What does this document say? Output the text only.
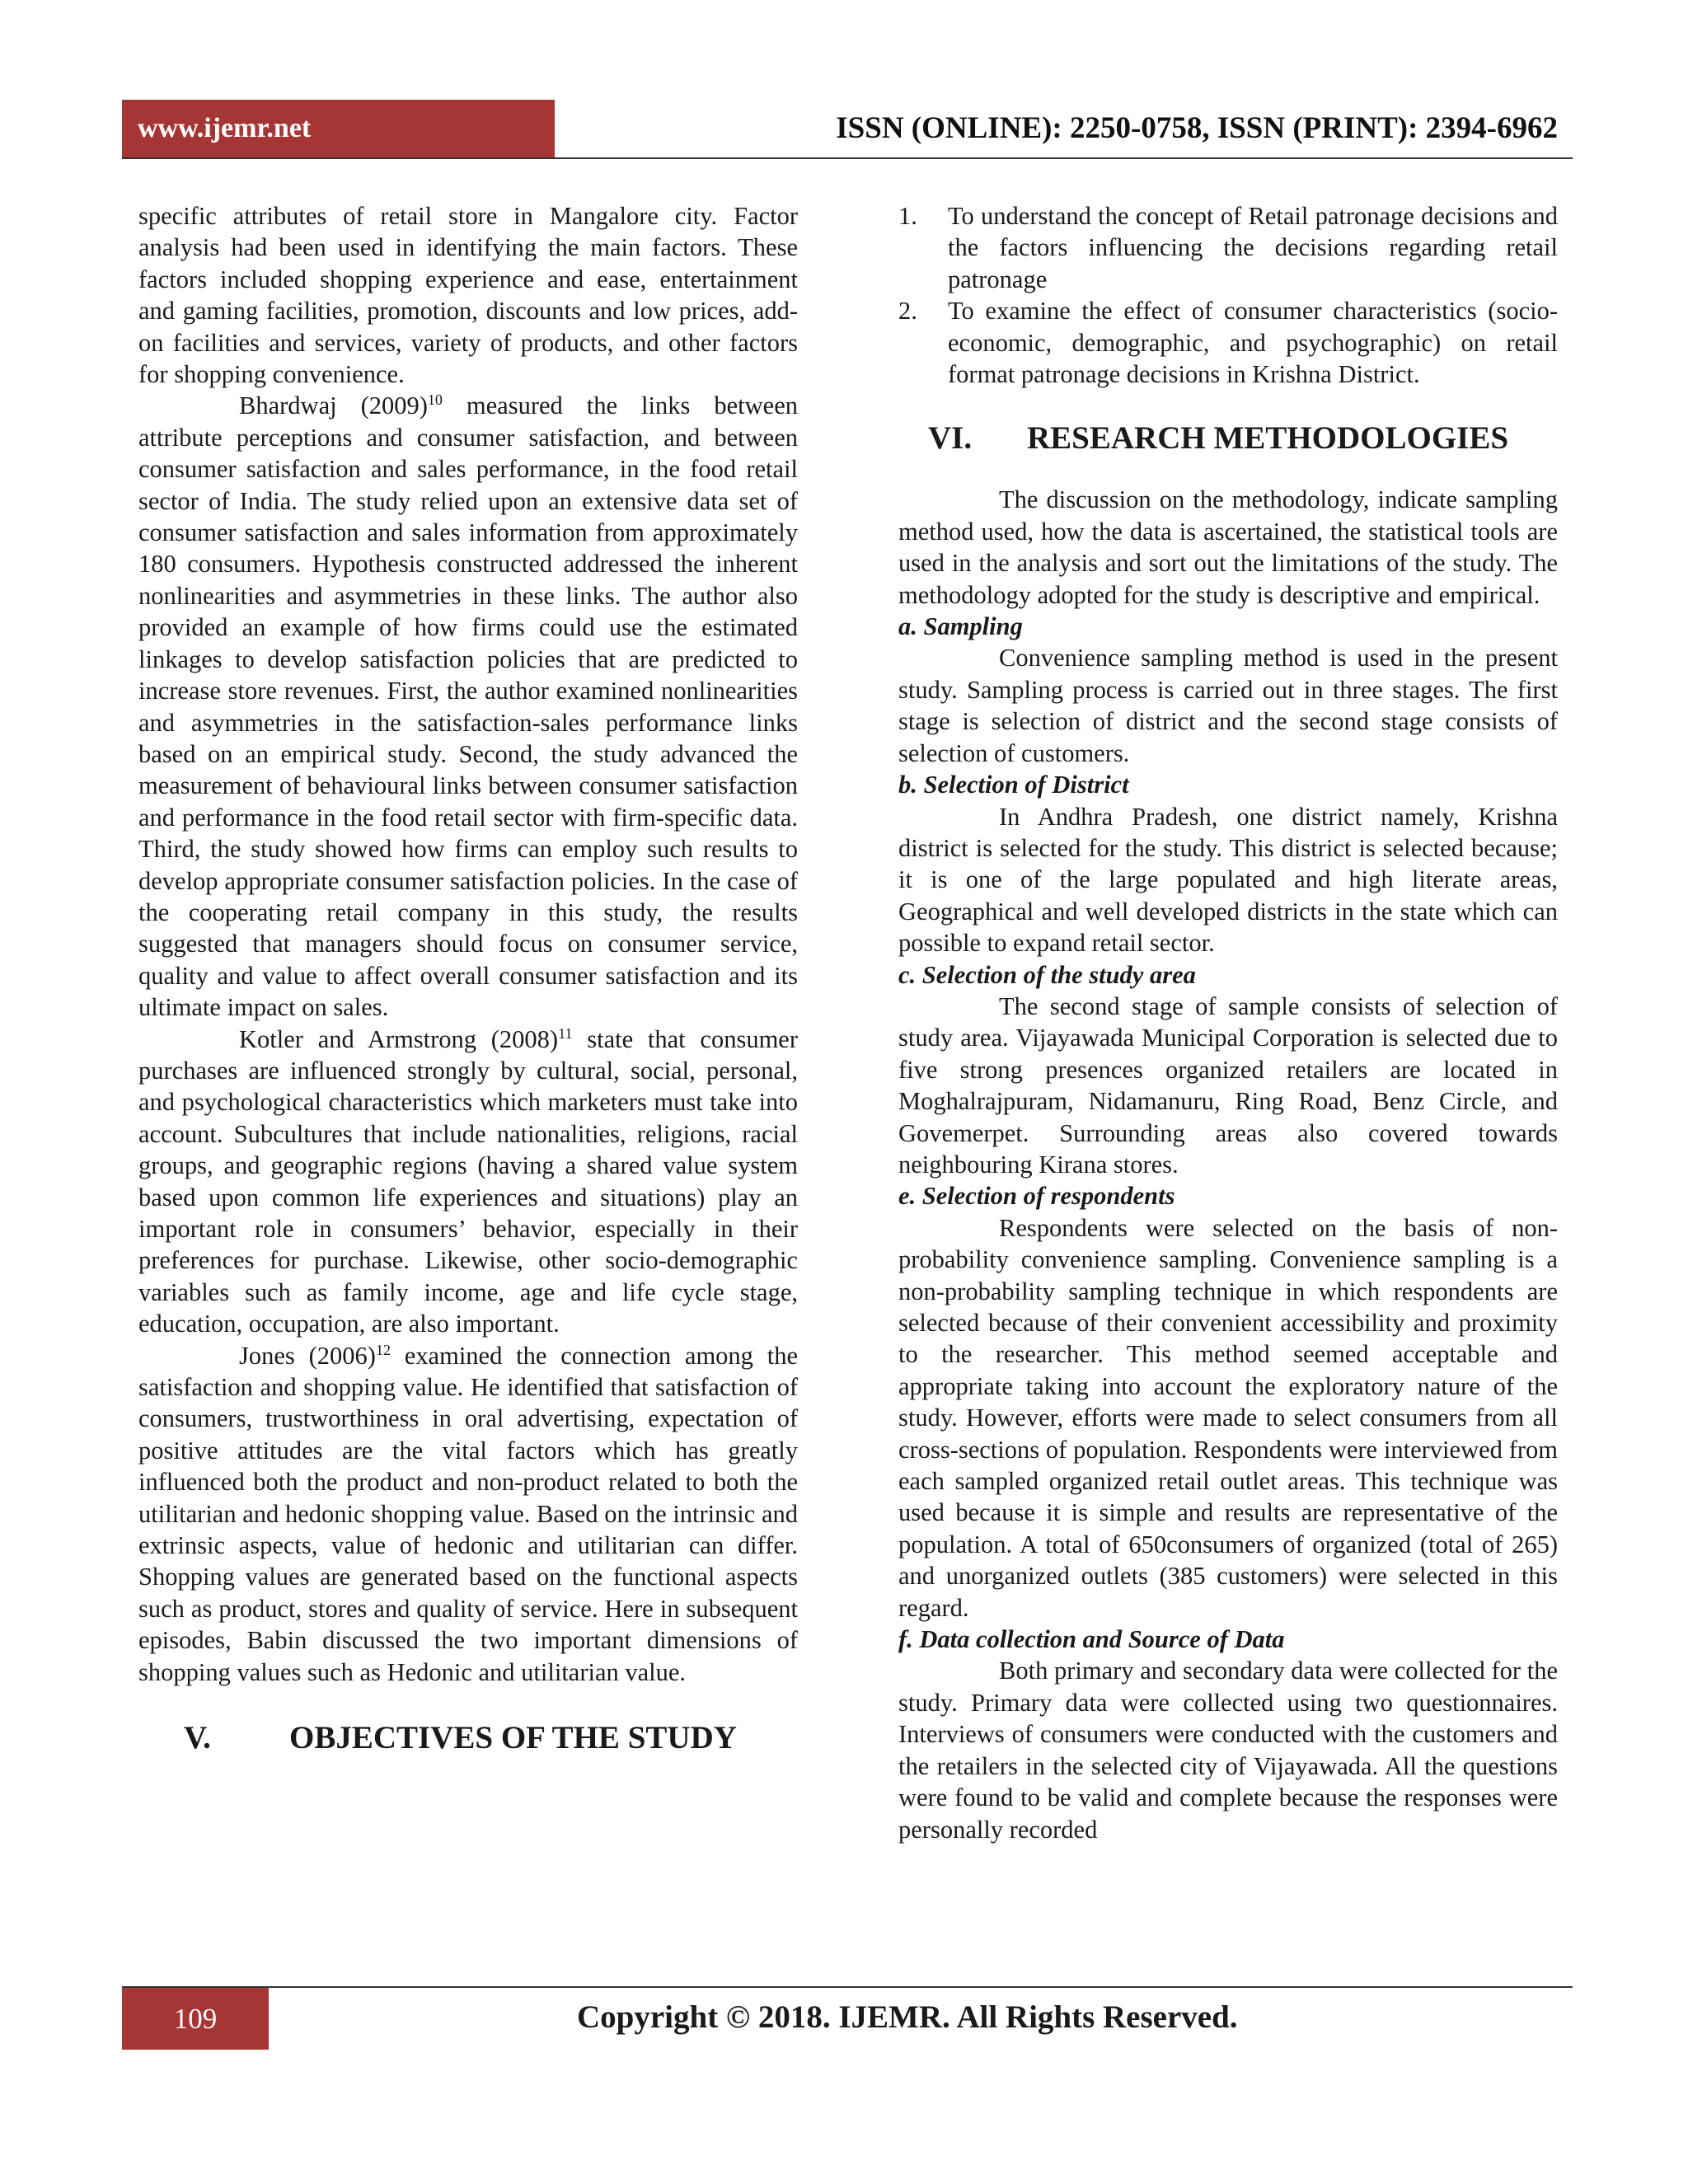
www.ijemr.net	ISSN (ONLINE): 2250-0758, ISSN (PRINT): 2394-6962

specific attributes of retail store in Mangalore city. Factor analysis had been used in identifying the main factors. These factors included shopping experience and ease, entertainment and gaming facilities, promotion, discounts and low prices, add-on facilities and services, variety of products, and other factors for shopping convenience.

Bhardwaj $(2009)^{10}$ measured the links between attribute perceptions and consumer satisfaction, and between consumer satisfaction and sales performance, in the food retail sector of India. The study relied upon an extensive data set of consumer satisfaction and sales information from approximately 180 consumers. Hypothesis constructed addressed the inherent nonlinearities and asymmetries in these links. The author also provided an example of how firms could use the estimated linkages to develop satisfaction policies that are predicted to increase store revenues. First, the author examined nonlinearities and asymmetries in the satisfaction-sales performance links based on an empirical study. Second, the study advanced the measurement of behavioural links between consumer satisfaction and performance in the food retail sector with firm-specific data. Third, the study showed how firms can employ such results to develop appropriate consumer satisfaction policies. In the case of the cooperating retail company in this study, the results suggested that managers should focus on consumer service, quality and value to affect overall consumer satisfaction and its ultimate impact on sales.

Kotler and Armstrong $(2008)^{11}$ state that consumer purchases are influenced strongly by cultural, social, personal, and psychological characteristics which marketers must take into account. Subcultures that include nationalities, religions, racial groups, and geographic regions (having a shared value system based upon common life experiences and situations) play an important role in consumers’ behavior, especially in their preferences for purchase. Likewise, other socio-demographic variables such as family income, age and life cycle stage, education, occupation, are also important.

Jones $(2006)^{12}$ examined the connection among the satisfaction and shopping value. He identified that satisfaction of consumers, trustworthiness in oral advertising, expectation of positive attitudes are the vital factors which has greatly influenced both the product and non-product related to both the utilitarian and hedonic shopping value. Based on the intrinsic and extrinsic aspects, value of hedonic and utilitarian can differ. Shopping values are generated based on the functional aspects such as product, stores and quality of service. Here in subsequent episodes, Babin discussed the two important dimensions of shopping values such as Hedonic and utilitarian value.

V.	OBJECTIVES OF THE STUDY
1. To understand the concept of Retail patronage decisions and the factors influencing the decisions regarding retail patronage
2. To examine the effect of consumer characteristics (socio-economic, demographic, and psychographic) on retail format patronage decisions in Krishna District.
VI.	RESEARCH METHODOLOGIES

The discussion on the methodology, indicate sampling method used, how the data is ascertained, the statistical tools are used in the analysis and sort out the limitations of the study. The methodology adopted for the study is descriptive and empirical.

a. Sampling

Convenience sampling method is used in the present study. Sampling process is carried out in three stages. The first stage is selection of district and the second stage consists of selection of customers.

b. Selection of District

In Andhra Pradesh, one district namely, Krishna district is selected for the study. This district is selected because; it is one of the large populated and high literate areas, Geographical and well developed districts in the state which can possible to expand retail sector.

c. Selection of the study area

The second stage of sample consists of selection of study area. Vijayawada Municipal Corporation is selected due to five strong presences organized retailers are located in Moghalrajpuram, Nidamanuru, Ring Road, Benz Circle, and Govemerpet. Surrounding areas also covered towards neighbouring Kirana stores.

e. Selection of respondents

Respondents were selected on the basis of non-probability convenience sampling. Convenience sampling is a non-probability sampling technique in which respondents are selected because of their convenient accessibility and proximity to the researcher. This method seemed acceptable and appropriate taking into account the exploratory nature of the study. However, efforts were made to select consumers from all cross-sections of population. Respondents were interviewed from each sampled organized retail outlet areas. This technique was used because it is simple and results are representative of the population. A total of 650consumers of organized (total of 265) and unorganized outlets (385 customers) were selected in this regard.

f. Data collection and Source of Data

Both primary and secondary data were collected for the study. Primary data were collected using two questionnaires. Interviews of consumers were conducted with the customers and the retailers in the selected city of Vijayawada. All the questions were found to be valid and complete because the responses were personally recorded

109	Copyright © 2018. IJEMR. All Rights Reserved.
